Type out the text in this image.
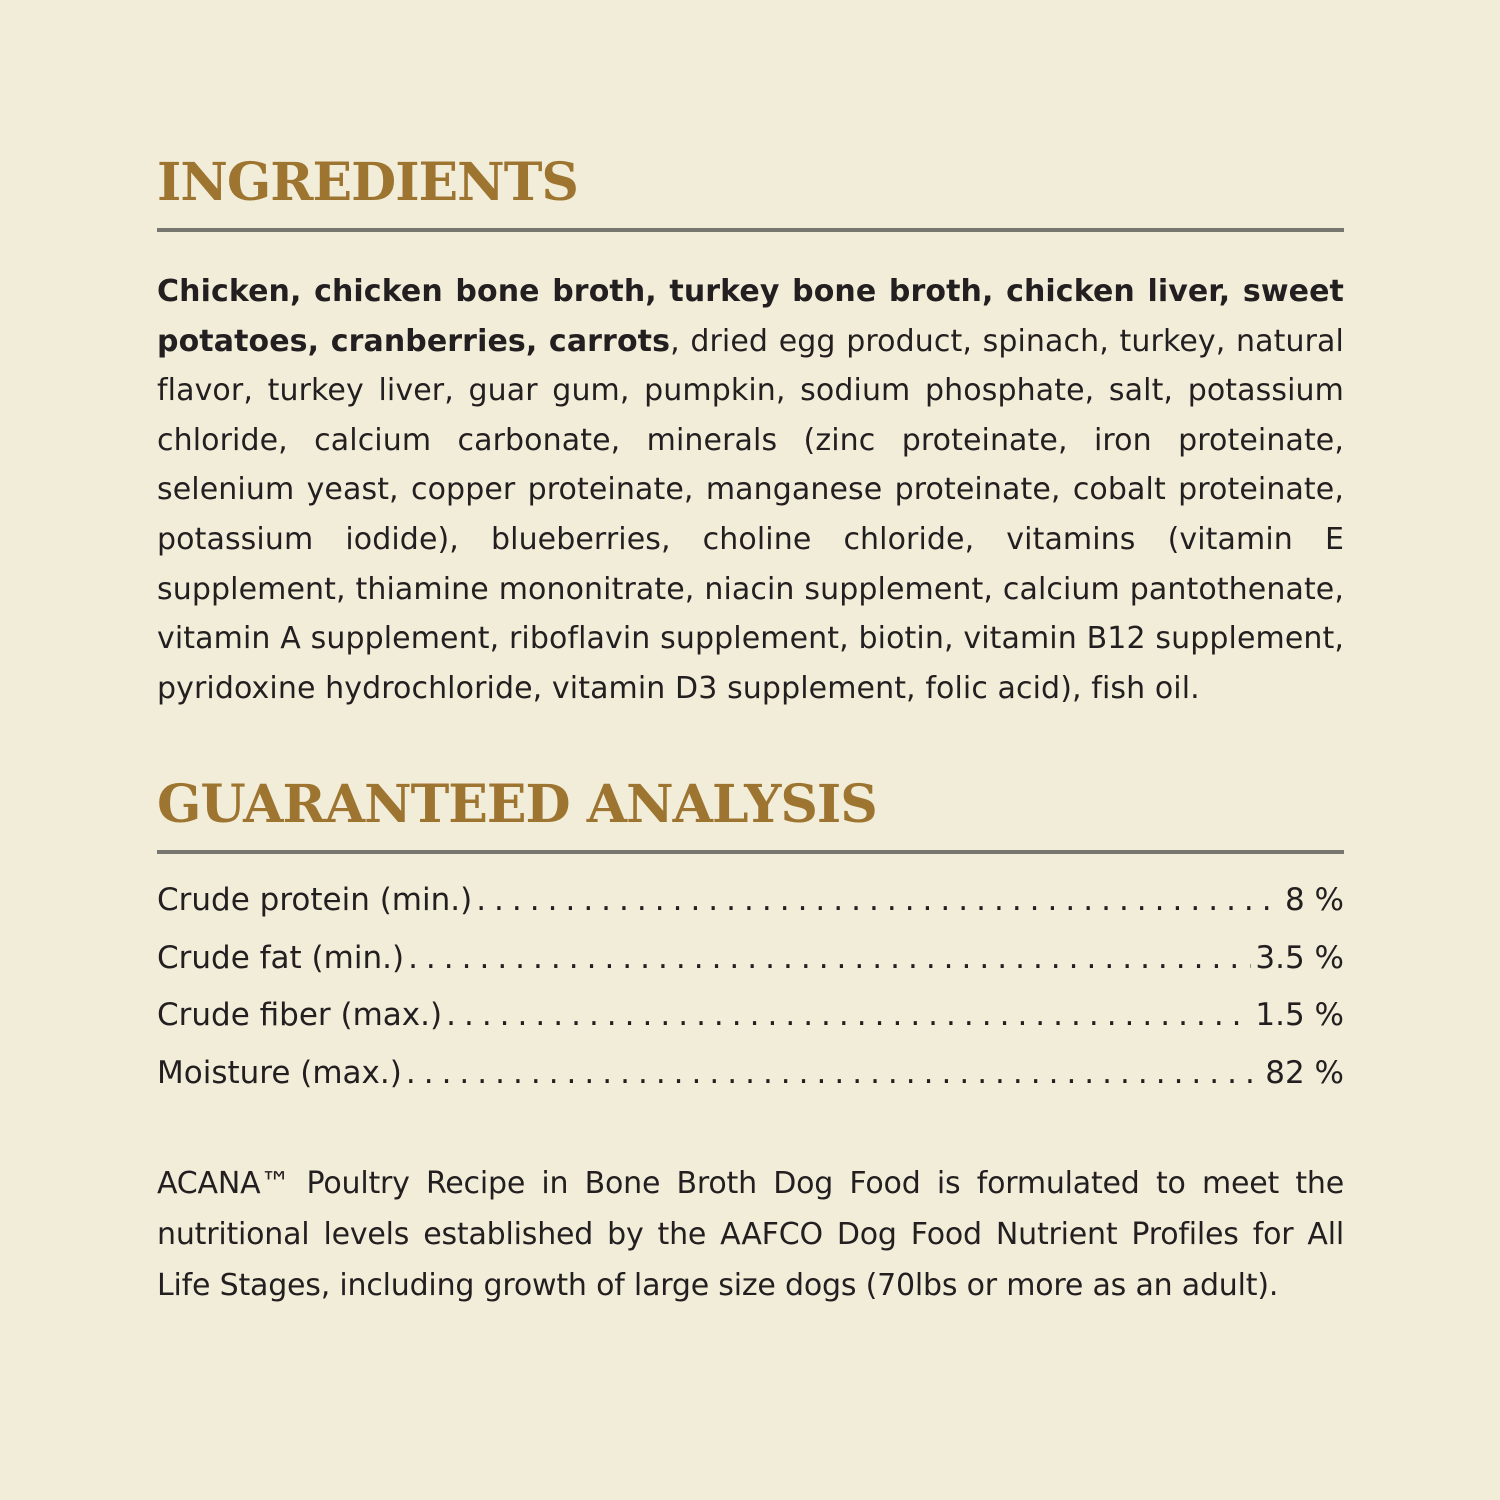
INGREDIENTS

Chicken, chicken bone broth, turkey bone broth, chicken liver, sweet potatoes, cranberries, carrots, dried egg product, spinach, turkey, natural flavor, turkey liver, guar gum, pumpkin, sodium phosphate, salt, potassium chloride, calcium carbonate, minerals (zinc proteinate, iron proteinate, selenium yeast, copper proteinate, manganese proteinate, cobalt proteinate, potassium iodide), blueberries, choline chloride, vitamins (vitamin E supplement, thiamine mononitrate, niacin supplement, calcium pantothenate, vitamin A supplement, riboflavin supplement, biotin, vitamin B12 supplement, pyridoxine hydrochloride, vitamin D3 supplement, folic acid), fish oil.

GUARANTEED ANALYSIS
Crude protein (min.) .....	8 %
Crude fat (min.) .....	3.5 %
Crude fiber (max.) .....	1.5 %
Moisture (max.) .....	82 %

ACANA™ Poultry Recipe in Bone Broth Dog Food is formulated to meet the nutritional levels established by the AAFCO Dog Food Nutrient Profiles for All Life Stages, including growth of large size dogs (70lbs or more as an adult).
